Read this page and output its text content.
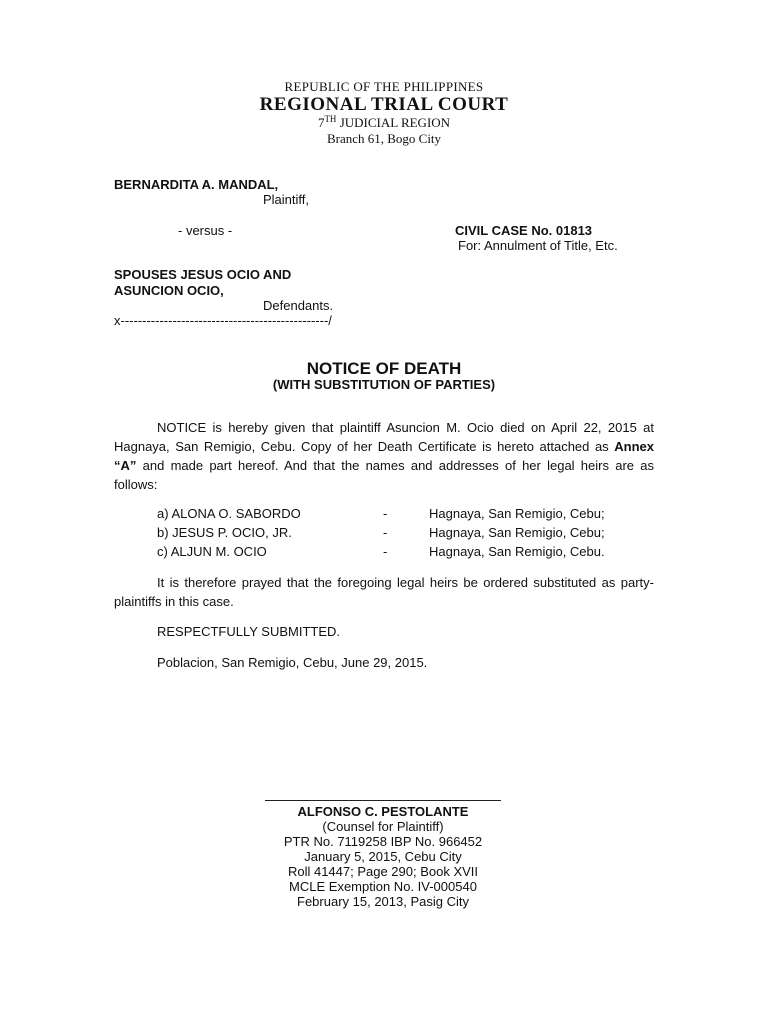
REPUBLIC OF THE PHILIPPINES
REGIONAL TRIAL COURT
7TH JUDICIAL REGION
Branch 61, Bogo City
BERNARDITA A. MANDAL,
Plaintiff,
- versus -	CIVIL CASE No. 01813
For: Annulment of Title, Etc.
SPOUSES JESUS OCIO AND
ASUNCION OCIO,
Defendants.
x------------------------------------------------/
NOTICE OF DEATH
(WITH SUBSTITUTION OF PARTIES)

NOTICE is hereby given that plaintiff Asuncion M. Ocio died on April 22, 2015 at Hagnaya, San Remigio, Cebu. Copy of her Death Certificate is hereto attached as Annex “A” and made part hereof. And that the names and addresses of her legal heirs are as follows:

a) ALONA O. SABORDO	-	Hagnaya, San Remigio, Cebu;
b) JESUS P. OCIO, JR.	-	Hagnaya, San Remigio, Cebu;
c) ALJUN M. OCIO	-	Hagnaya, San Remigio, Cebu.

It is therefore prayed that the foregoing legal heirs be ordered substituted as party-plaintiffs in this case.

RESPECTFULLY SUBMITTED.
Poblacion, San Remigio, Cebu, June 29, 2015.
ALFONSO C. PESTOLANTE
(Counsel for Plaintiff)
PTR No. 7119258 IBP No. 966452
January 5, 2015, Cebu City
Roll 41447; Page 290; Book XVII
MCLE Exemption No. IV-000540
February 15, 2013, Pasig City
